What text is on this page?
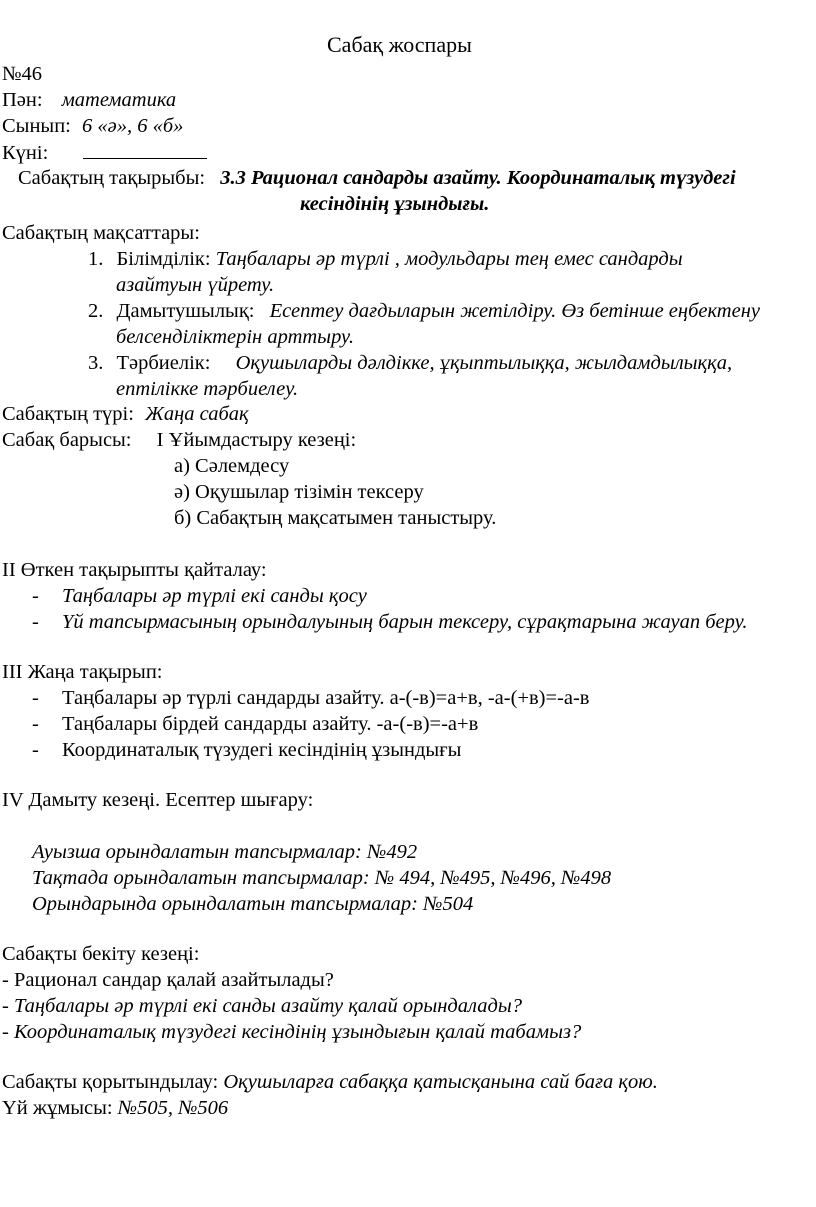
Сабақ жоспары
№46
Пән: математика
Сынып: 6 «ә», 6 «б»
Күні:
Сабақтың тақырыбы: 3.3 Рационал сандарды азайту. Координаталық түзудегі
кесіндінің ұзындығы.
Сабақтың мақсаттары:
1. Білімділік: Таңбалары әр түрлі , модульдары тең емес сандарды
азайтуын үйрету.
2. Дамытушылық: Есептеу дағдыларын жетілдіру. Өз бетінше еңбектену
белсенділіктерін арттыру.
3. Тәрбиелік: Оқушыларды дәлдікке, ұқыптылыққа, жылдамдылыққа,
ептілікке тәрбиелеу.
Сабақтың түрі: Жаңа сабақ
Сабақ барысы: І Ұйымдастыру кезеңі:
а) Сәлемдесу
ә) Оқушылар тізімін тексеру
б) Сабақтың мақсатымен таныстыру.
ІІ Өткен тақырыпты қайталау:
- Таңбалары әр түрлі екі санды қосу
- Үй тапсырмасының орындалуының барын тексеру, сұрақтарына жауап беру.
ІІІ Жаңа тақырып:
- Таңбалары әр түрлі сандарды азайту. а-(-в)=а+в, -а-(+в)=-а-в
- Таңбалары бірдей сандарды азайту. -а-(-в)=-а+в
- Координаталық түзудегі кесіндінің ұзындығы
ІV Дамыту кезеңі. Есептер шығару:
Ауызша орындалатын тапсырмалар: №492
Тақтада орындалатын тапсырмалар: № 494, №495, №496, №498
Орындарында орындалатын тапсырмалар: №504
Сабақты бекіту кезеңі:
- Рационал сандар қалай азайтылады?
- Таңбалары әр түрлі екі санды азайту қалай орындалады?
- Координаталық түзудегі кесіндінің ұзындығын қалай табамыз?
Сабақты қорытындылау: Оқушыларға сабаққа қатысқанына сай баға қою.
Үй жұмысы: №505, №506
